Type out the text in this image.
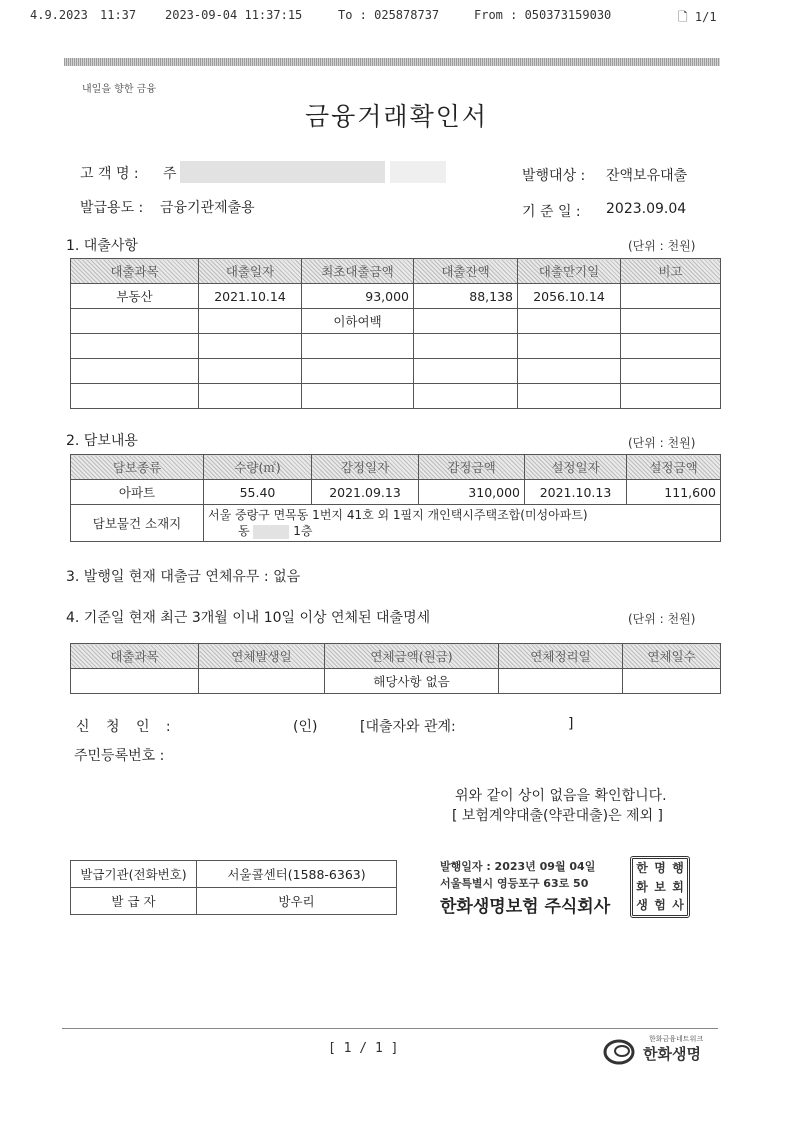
4.9.2023 11:37 2023-09-04 11:37:15	To : 025878737	From : 050373159030	🗋 1/1
내일을 향한 금융
금융거래확인서
고 객 명 : 주
발급용도 : 금융기관제출용
발행대상 : 잔액보유대출
기 준 일 : 2023.09.04
1. 대출사항	(단위 : 천원)
대출과목	대출일자	최초대출금액	대출잔액	대출만기일	비고
부동산	2021.10.14	93,000	88,138	2056.10.14	
		이하여백			

2. 담보내용	(단위 : 천원)
담보종류	수량(㎡)	감정일자	감정금액	설정일자	설정금액
아파트	55.40	2021.09.13	310,000	2021.10.13	111,600
담보물건 소재지	서울 중랑구 면목동 1번지 41호 외 1필지 개인택시주택조합(미성아파트)
동 1층				
3. 발행일 현재 대출금 연체유무 : 없음
4. 기준일 현재 최근 3개월 이내 10일 이상 연체된 대출명세	(단위 : 천원)
대출과목	연체발생일	연체금액(원금)	연체정리일	연체일수
		해당사항 없음		
신 청 인 :	(인)	[대출자와 관계:	]
주민등록번호 :
위와 같이 상이 없음을 확인합니다.
[ 보험계약대출(약관대출)은 제외 ]
발급기관(전화번호)	서울콜센터(1588-6363)
발 급 자	방우리
발행일자 : 2023년 09월 04일
서울특별시 영등포구 63로 50
한화생명보험 주식회사
한 명 행
화 보 회
생 험 사
[ 1 / 1 ]
한화금융네트워크
한화생명
